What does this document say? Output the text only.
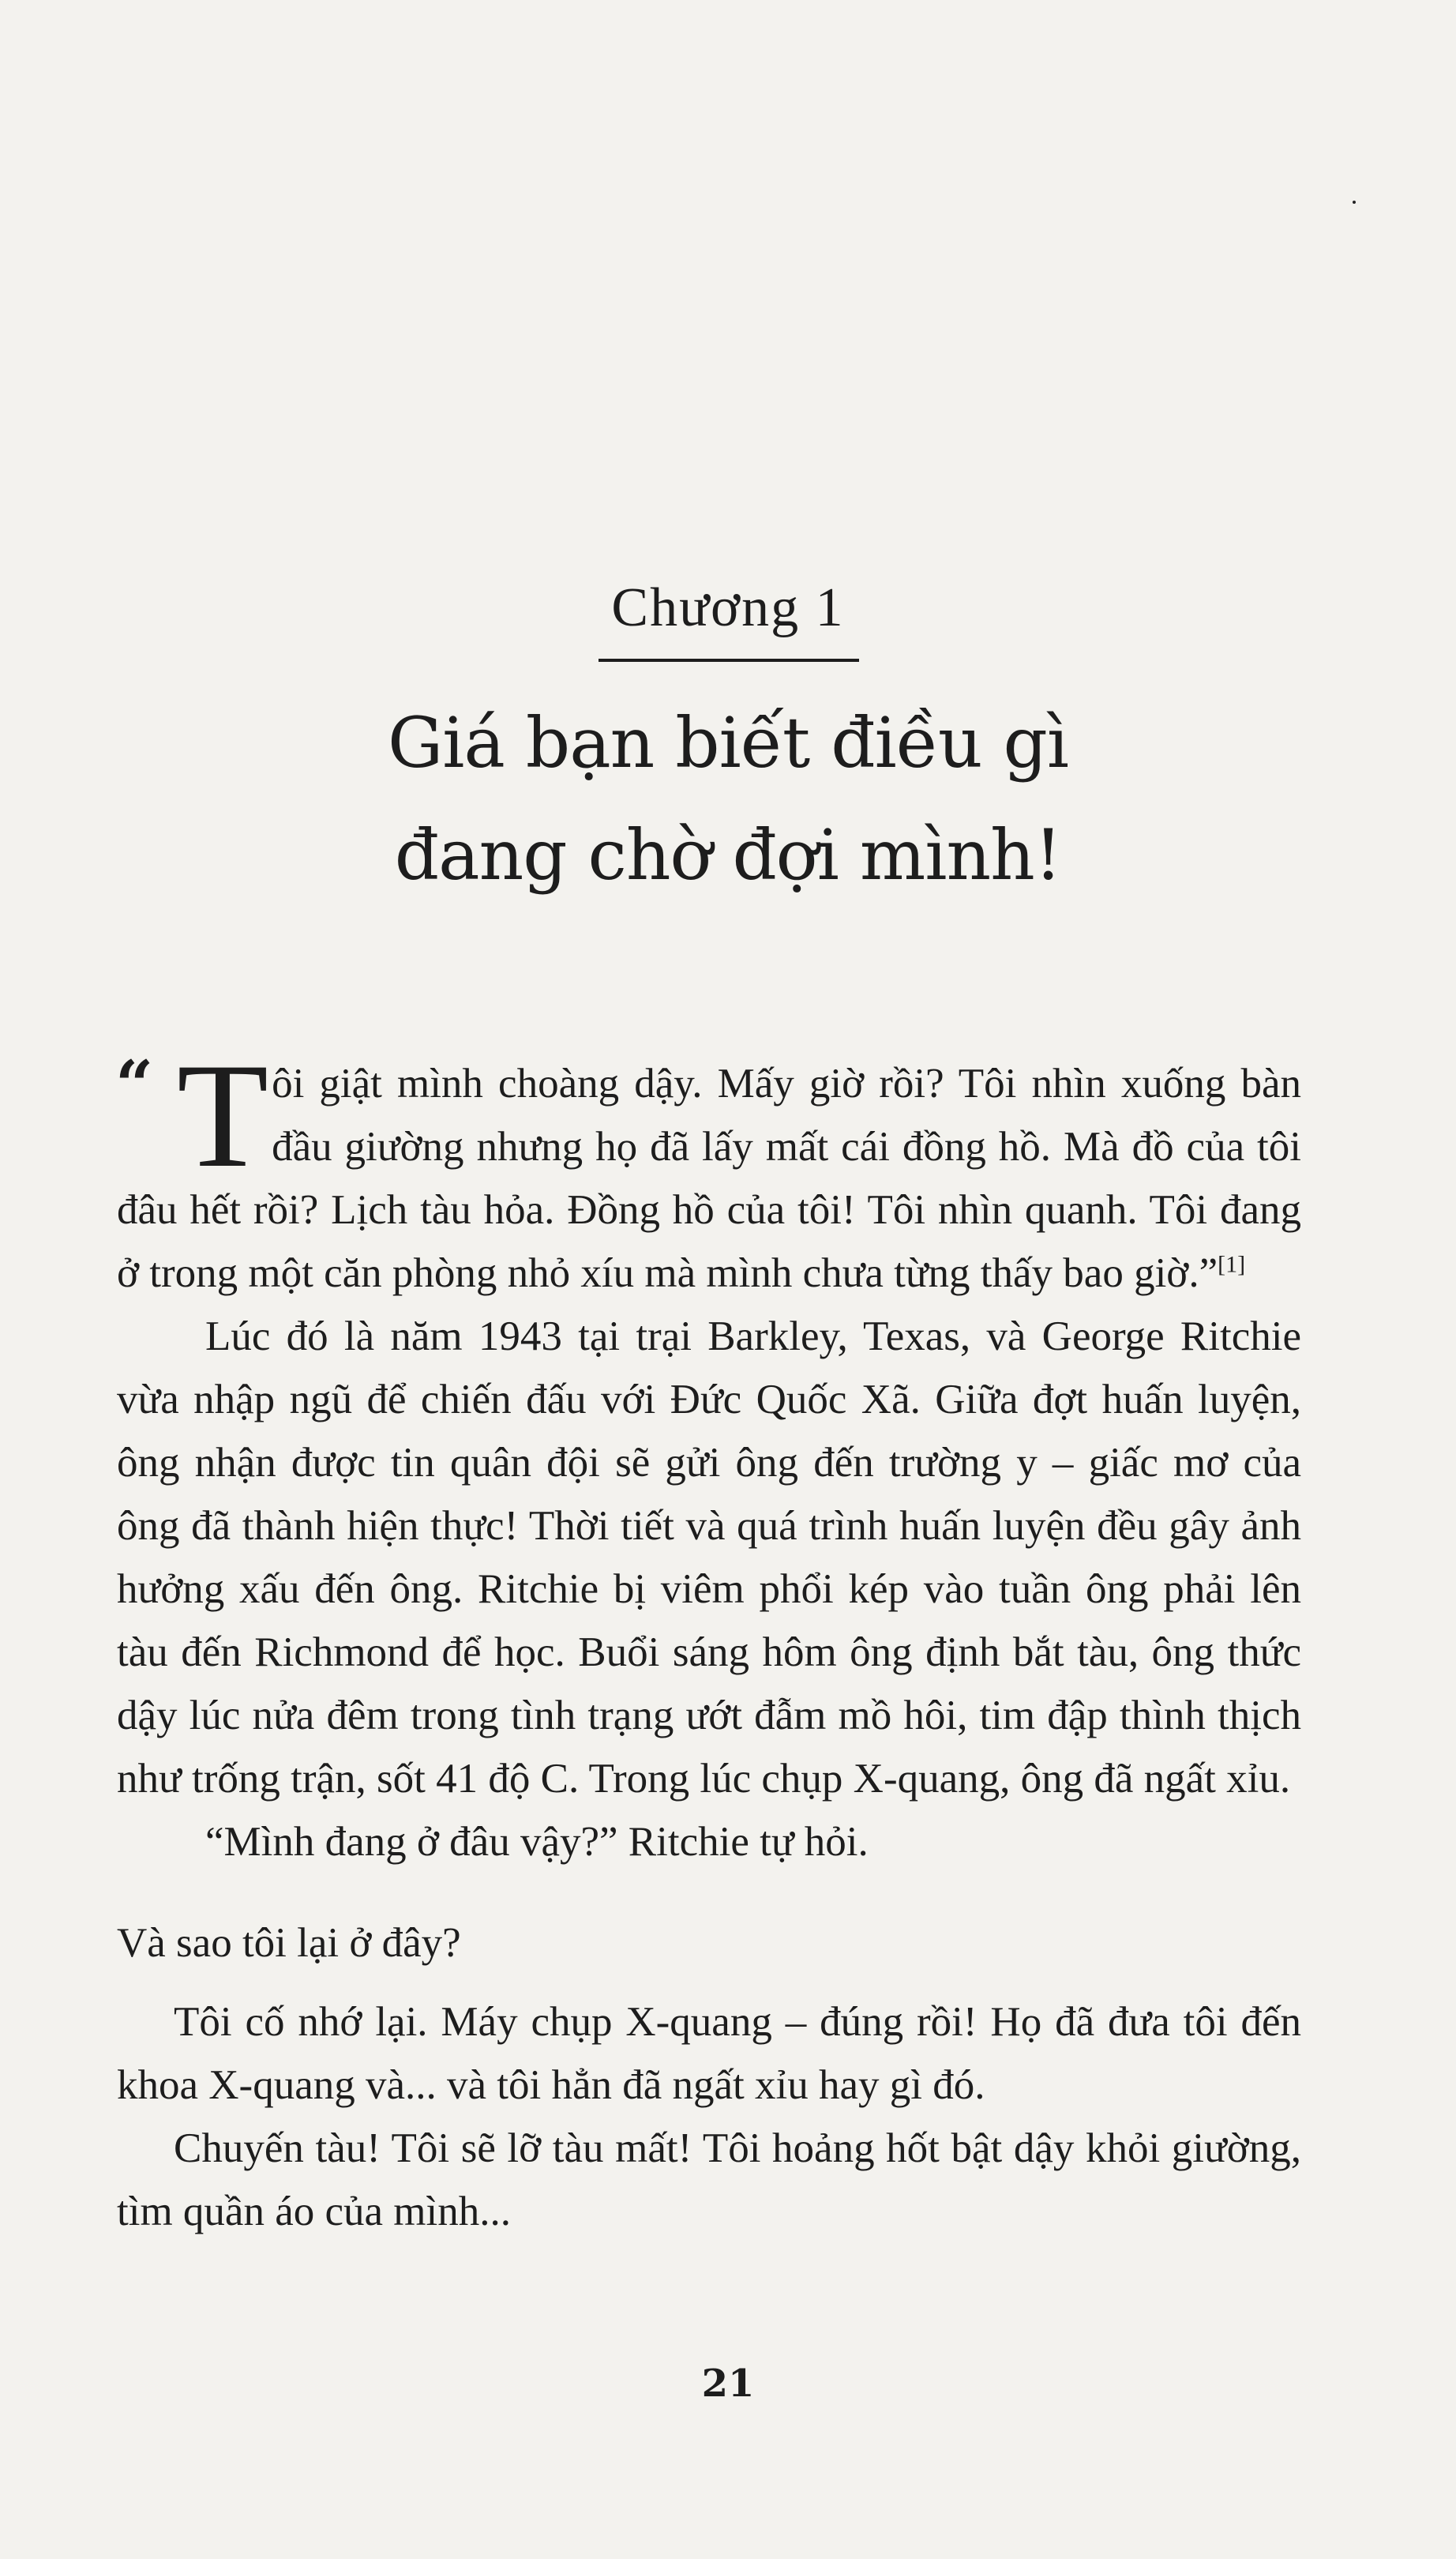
Chương 1
Giá bạn biết điều gì
đang chờ đợi mình!

“ T ôi giật mình choàng dậy. Mấy giờ rồi? Tôi nhìn xuống bàn đầu giường nhưng họ đã lấy mất cái đồng hồ. Mà đồ của tôi đâu hết rồi? Lịch tàu hỏa. Đồng hồ của tôi! Tôi nhìn quanh. Tôi đang ở trong một căn phòng nhỏ xíu mà mình chưa từng thấy bao giờ.”[1]

Lúc đó là năm 1943 tại trại Barkley, Texas, và George Ritchie vừa nhập ngũ để chiến đấu với Đức Quốc Xã. Giữa đợt huấn luyện, ông nhận được tin quân đội sẽ gửi ông đến trường y – giấc mơ của ông đã thành hiện thực! Thời tiết và quá trình huấn luyện đều gây ảnh hưởng xấu đến ông. Ritchie bị viêm phổi kép vào tuần ông phải lên tàu đến Richmond để học. Buổi sáng hôm ông định bắt tàu, ông thức dậy lúc nửa đêm trong tình trạng ướt đẫm mồ hôi, tim đập thình thịch như trống trận, sốt 41 độ C. Trong lúc chụp X-quang, ông đã ngất xỉu.

“Mình đang ở đâu vậy?” Ritchie tự hỏi.

Và sao tôi lại ở đây?

Tôi cố nhớ lại. Máy chụp X-quang – đúng rồi! Họ đã đưa tôi đến khoa X-quang và... và tôi hẳn đã ngất xỉu hay gì đó.

Chuyến tàu! Tôi sẽ lỡ tàu mất! Tôi hoảng hốt bật dậy khỏi giường, tìm quần áo của mình...

21
